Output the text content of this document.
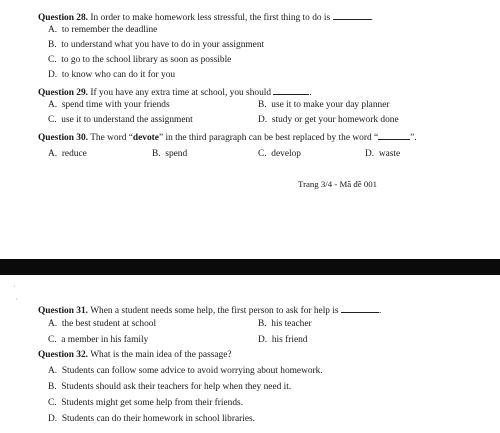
Question 28. In order to make homework less stressful, the first thing to do is	.
A. to remember the deadline
B. to understand what you have to do in your assignment
C. to go to the school library as soon as possible
D. to know who can do it for you
Question 29. If you have any extra time at school, you should	.
A. spend time with your friends	B. use it to make your day planner
C. use it to understand the assignment	D. study or get your homework done
Question 30. The word “devote” in the third paragraph can be best replaced by the word “	”.
A. reduce	B. spend	C. develop	D. waste
Trang 3/4 - Mã đề 001
·
·
Question 31. When a student needs some help, the first person to ask for help is	.
A. the best student at school	B. his teacher
C. a member in his family	D. his friend
Question 32. What is the main idea of the passage?
A. Students can follow some advice to avoid worrying about homework.
B. Students should ask their teachers for help when they need it.
C. Students might get some help from their friends.
D. Students can do their homework in school libraries.
